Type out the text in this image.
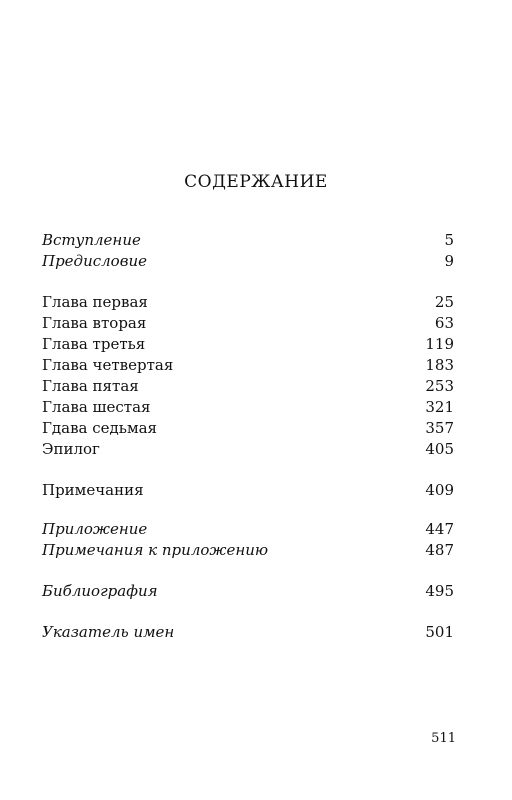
СОДЕРЖАНИЕ
Вступление	5
Предисловие	9
Глава первая	25
Глава вторая	63
Глава третья	119
Глава четвертая	183
Глава пятая	253
Глава шестая	321
Гдава седьмая	357
Эпилог	405
Примечания	409
Приложение	447
Примечания к приложению	487
Библиография	495
Указатель имен	501
511
